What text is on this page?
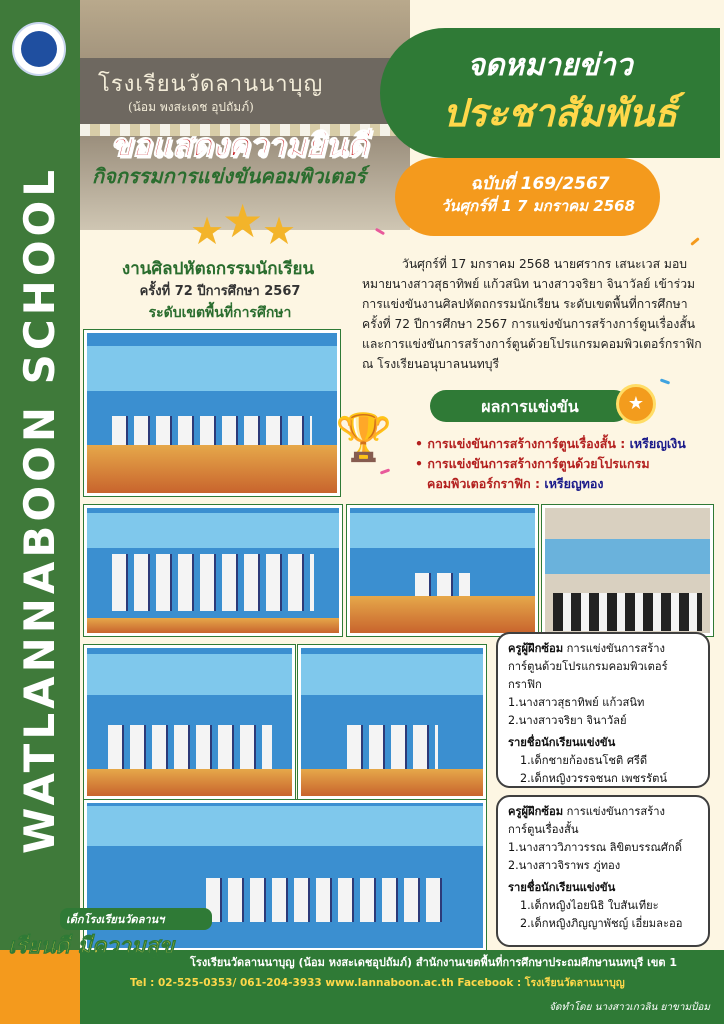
WATLANNABOON SCHOOL
โรงเรียนวัดลานนาบุญ
(น้อม พงสะเดช อุปถัมภ์)
จดหมายข่าว
ประชาสัมพันธ์
ขอแสดงความยินดี
กิจกรรมการแข่งขันคอมพิวเตอร์	ฉบับที่ 169/2567
วันศุกร์ที่ 1 7 มกราคม 2568
★
★
★
งานศิลปหัตถกรรมนักเรียน
ครั้งที่ 72 ปีการศึกษา 2567
ระดับเขตพื้นที่การศึกษา
วันศุกร์ที่ 17 มกราคม 2568 นายศรากร เสนะเวส มอบหมายนางสาวสุธาทิพย์ แก้วสนิท นางสาวจริยา จินาวัลย์ เข้าร่วมการแข่งขันงานศิลปหัตถกรรมนักเรียน ระดับเขตพื้นที่การศึกษา ครั้งที่ 72 ปีการศึกษา 2567 การแข่งขันการสร้างการ์ตูนเรื่องสั้น และการแข่งขันการสร้างการ์ตูนด้วยโปรแกรมคอมพิวเตอร์กราฟิก ณ โรงเรียนอนุบาลนนทบุรี
ผลการแข่งขัน	★
🏆 • การแข่งขันการสร้างการ์ตูนเรื่องสั้น : เหรียญเงิน
• การแข่งขันการสร้างการ์ตูนด้วยโปรแกรม
คอมพิวเตอร์กราฟิก : เหรียญทอง
ครูผู้ฝึกซ้อม การแข่งขันการสร้างการ์ตูนด้วยโปรแกรมคอมพิวเตอร์กราฟิก
1.นางสาวสุธาทิพย์ แก้วสนิท
2.นางสาวจริยา จินาวัลย์
รายชื่อนักเรียนแข่งขัน
1.เด็กชายก้องธนโชติ ศรีดี
2.เด็กหญิงวรรจชนก เพชรรัตน์
ครูผู้ฝึกซ้อม การแข่งขันการสร้างการ์ตูนเรื่องสั้น
1.นางสาววิภาวรรณ ลิขิตบรรณศักดิ์
2.นางสาวจิราพร ภู่ทอง
รายชื่อนักเรียนแข่งขัน
1.เด็กหญิงไอยนิธิ ใบสันเทียะ
2.เด็กหญิงภิญญาพัชญ์ เอี่ยมละออ
เด็กโรงเรียนวัดลานฯ
เรียนดี มีความสุข
โรงเรียนวัดลานนาบุญ (น้อม หงสะเดชอุปถัมภ์) สำนักงานเขตพื้นที่การศึกษาประถมศึกษานนทบุรี เขต 1
Tel : 02-525-0353/ 061-204-3933 www.lannaboon.ac.th Facebook : โรงเรียนวัดลานนาบุญ
จัดทำโดย นางสาวเกวลิน ยาขามป้อม
